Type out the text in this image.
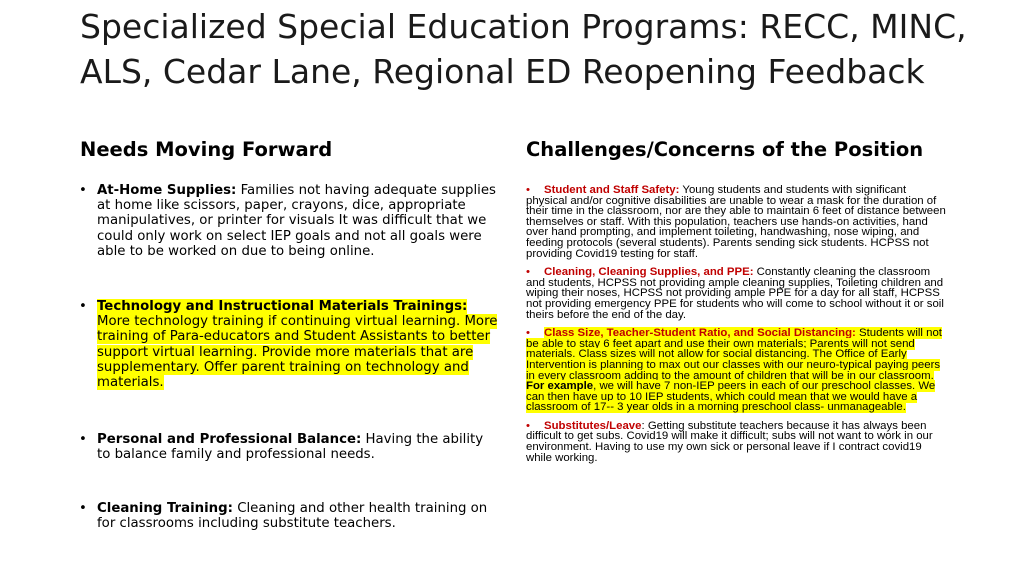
Specialized Special Education Programs: RECC, MINC, ALS, Cedar Lane, Regional ED Reopening Feedback
Needs Moving Forward	Challenges/Concerns of the Position
• At-Home Supplies: Families not having adequate supplies at home like scissors, paper, crayons, dice, appropriate manipulatives, or printer for visuals It was difficult that we could only work on select IEP goals and not all goals were able to be worked on due to being online.
• Technology and Instructional Materials Trainings: More technology training if continuing virtual learning. More training of Para-educators and Student Assistants to better support virtual learning. Provide more materials that are supplementary. Offer parent training on technology and materials.
• Personal and Professional Balance: Having the ability to balance family and professional needs.
• Cleaning Training: Cleaning and other health training on for classrooms including substitute teachers.
• Student and Staff Safety: Young students and students with significant physical and/or cognitive disabilities are unable to wear a mask for the duration of their time in the classroom, nor are they able to maintain 6 feet of distance between themselves or staff. With this population, teachers use hands-on activities, hand over hand prompting, and implement toileting, handwashing, nose wiping, and feeding protocols (several students). Parents sending sick students. HCPSS not providing Covid19 testing for staff.
• Cleaning, Cleaning Supplies, and PPE: Constantly cleaning the classroom and students, HCPSS not providing ample cleaning supplies, Toileting children and wiping their noses, HCPSS not providing ample PPE for a day for all staff, HCPSS not providing emergency PPE for students who will come to school without it or soil theirs before the end of the day.
• Class Size, Teacher-Student Ratio, and Social Distancing: Students will not be able to stay 6 feet apart and use their own materials; Parents will not send materials. Class sizes will not allow for social distancing. The Office of Early Intervention is planning to max out our classes with our neuro-typical paying peers in every classroom adding to the amount of children that will be in our classroom. For example, we will have 7 non-IEP peers in each of our preschool classes. We can then have up to 10 IEP students, which could mean that we would have a classroom of 17-- 3 year olds in a morning preschool class- unmanageable.
• Substitutes/Leave: Getting substitute teachers because it has always been difficult to get subs. Covid19 will make it difficult; subs will not want to work in our environment. Having to use my own sick or personal leave if I contract covid19 while working.
